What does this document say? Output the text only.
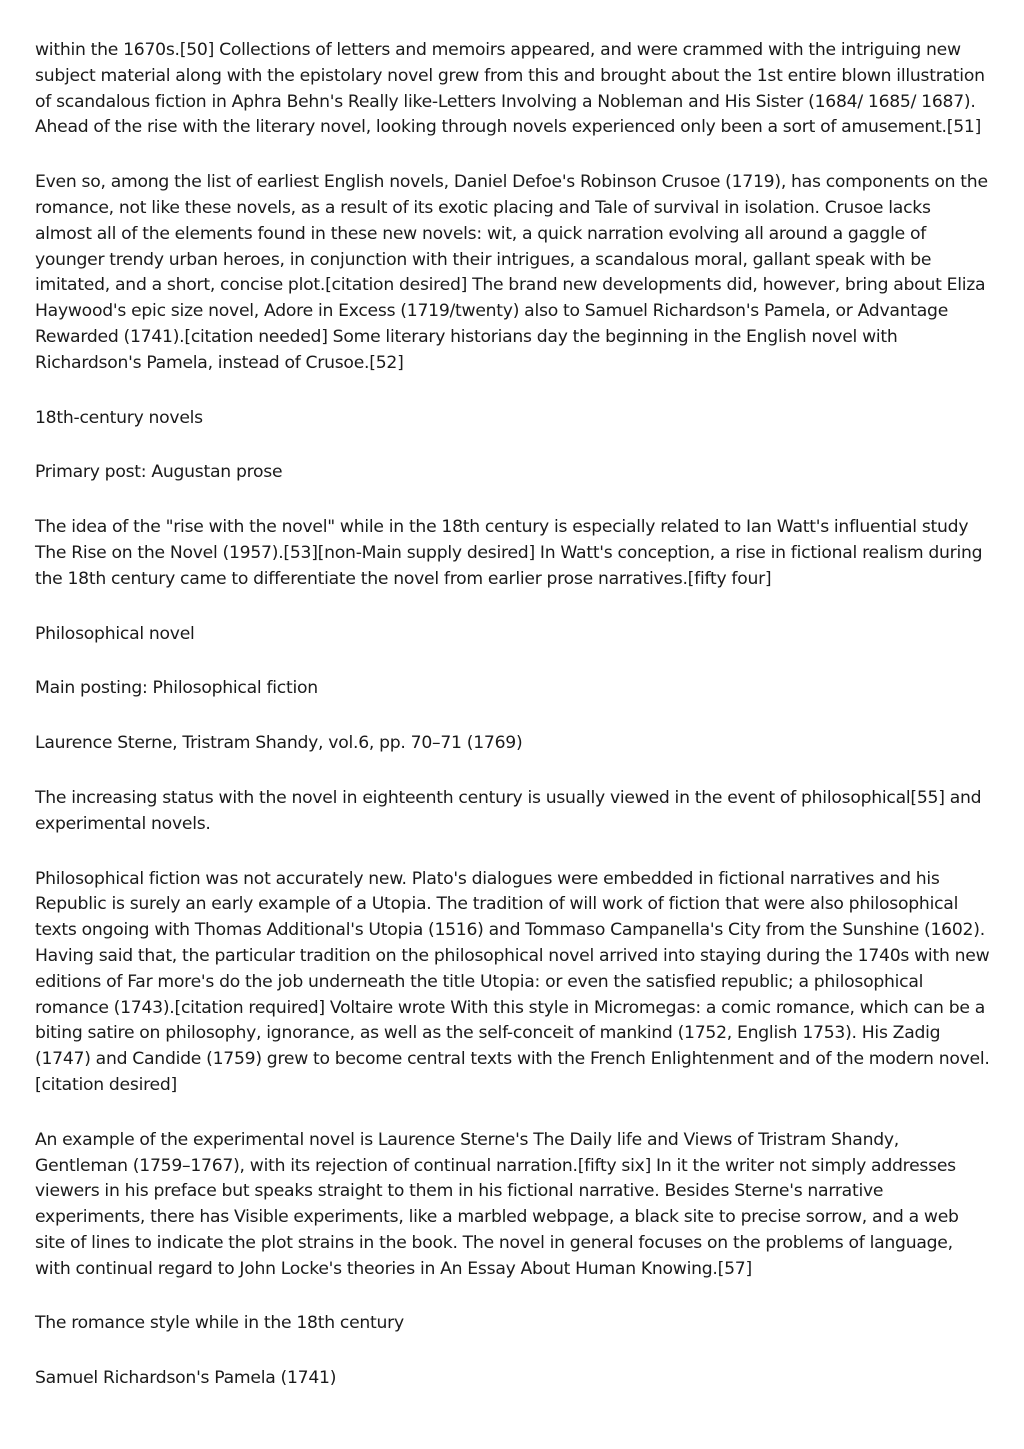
within the 1670s.[50] Collections of letters and memoirs appeared, and were crammed with the intriguing new subject material along with the epistolary novel grew from this and brought about the 1st entire blown illustration of scandalous fiction in Aphra Behn's Really like-Letters Involving a Nobleman and His Sister (1684/ 1685/ 1687). Ahead of the rise with the literary novel, looking through novels experienced only been a sort of amusement.[51]

Even so, among the list of earliest English novels, Daniel Defoe's Robinson Crusoe (1719), has components on the romance, not like these novels, as a result of its exotic placing and Tale of survival in isolation. Crusoe lacks almost all of the elements found in these new novels: wit, a quick narration evolving all around a gaggle of younger trendy urban heroes, in conjunction with their intrigues, a scandalous moral, gallant speak with be imitated, and a short, concise plot.[citation desired] The brand new developments did, however, bring about Eliza Haywood's epic size novel, Adore in Excess (1719/twenty) also to Samuel Richardson's Pamela, or Advantage Rewarded (1741).[citation needed] Some literary historians day the beginning in the English novel with Richardson's Pamela, instead of Crusoe.[52]

18th-century novels

Primary post: Augustan prose

The idea of the "rise with the novel" while in the 18th century is especially related to Ian Watt's influential study The Rise on the Novel (1957).[53][non-Main supply desired] In Watt's conception, a rise in fictional realism during the 18th century came to differentiate the novel from earlier prose narratives.[fifty four]

Philosophical novel

Main posting: Philosophical fiction

Laurence Sterne, Tristram Shandy, vol.6, pp. 70–71 (1769)

The increasing status with the novel in eighteenth century is usually viewed in the event of philosophical[55] and experimental novels.

Philosophical fiction was not accurately new. Plato's dialogues were embedded in fictional narratives and his Republic is surely an early example of a Utopia. The tradition of will work of fiction that were also philosophical texts ongoing with Thomas Additional's Utopia (1516) and Tommaso Campanella's City from the Sunshine (1602). Having said that, the particular tradition on the philosophical novel arrived into staying during the 1740s with new editions of Far more's do the job underneath the title Utopia: or even the satisfied republic; a philosophical romance (1743).[citation required] Voltaire wrote With this style in Micromegas: a comic romance, which can be a biting satire on philosophy, ignorance, as well as the self-conceit of mankind (1752, English 1753). His Zadig (1747) and Candide (1759) grew to become central texts with the French Enlightenment and of the modern novel.[citation desired]

An example of the experimental novel is Laurence Sterne's The Daily life and Views of Tristram Shandy, Gentleman (1759–1767), with its rejection of continual narration.[fifty six] In it the writer not simply addresses viewers in his preface but speaks straight to them in his fictional narrative. Besides Sterne's narrative experiments, there has Visible experiments, like a marbled webpage, a black site to precise sorrow, and a web site of lines to indicate the plot strains in the book. The novel in general focuses on the problems of language, with continual regard to John Locke's theories in An Essay About Human Knowing.[57]

The romance style while in the 18th century

Samuel Richardson's Pamela (1741)
